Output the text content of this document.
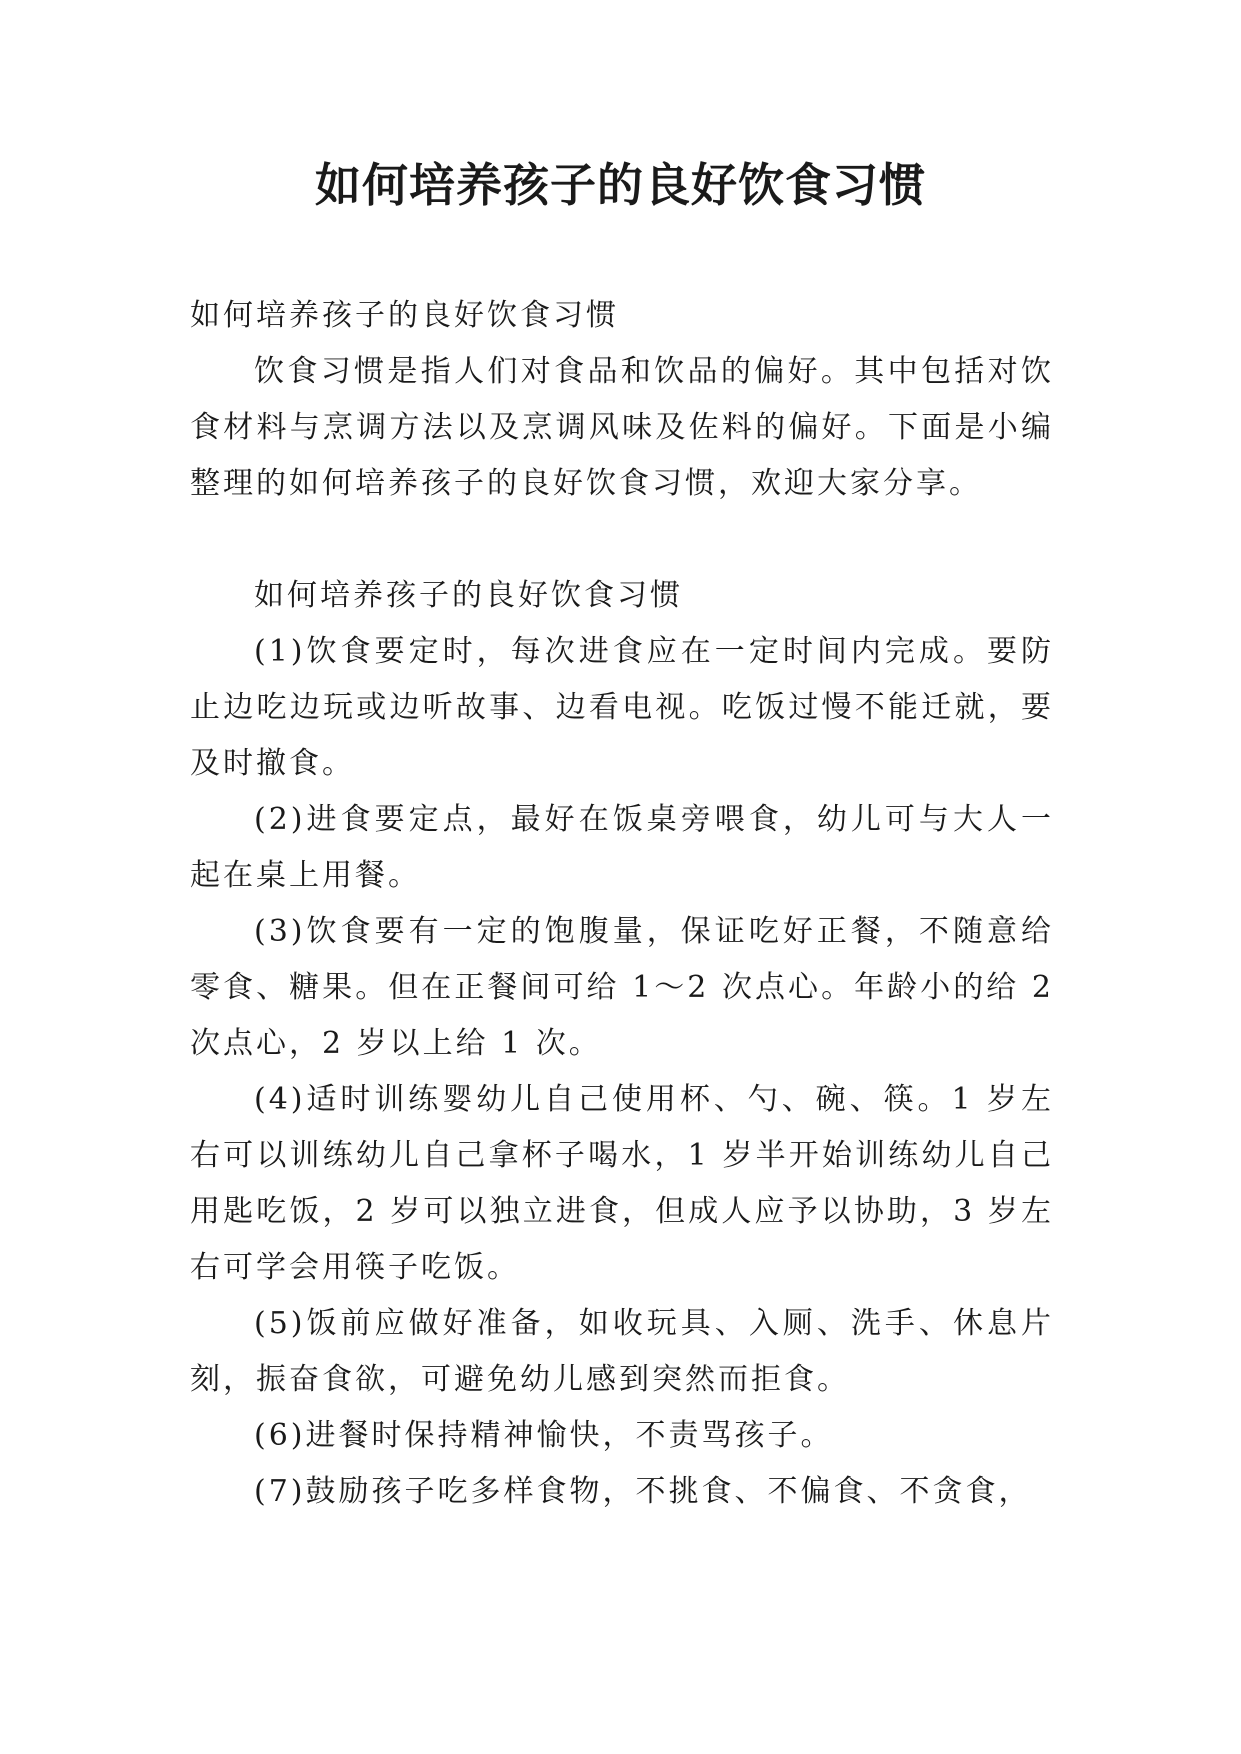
如何培养孩子的良好饮食习惯

如何培养孩子的良好饮食习惯

饮食习惯是指人们对食品和饮品的偏好。其中包括对饮食材料与烹调方法以及烹调风味及佐料的偏好。下面是小编整理的如何培养孩子的良好饮食习惯，欢迎大家分享。

如何培养孩子的良好饮食习惯

(1)饮食要定时，每次进食应在一定时间内完成。要防止边吃边玩或边听故事、边看电视。吃饭过慢不能迁就，要及时撤食。

(2)进食要定点，最好在饭桌旁喂食，幼儿可与大人一起在桌上用餐。

(3)饮食要有一定的饱腹量，保证吃好正餐，不随意给零食、糖果。但在正餐间可给 1～2 次点心。年龄小的给 2 次点心，2 岁以上给 1 次。

(4)适时训练婴幼儿自己使用杯、勺、碗、筷。1 岁左右可以训练幼儿自己拿杯子喝水，1 岁半开始训练幼儿自己用匙吃饭，2 岁可以独立进食，但成人应予以协助，3 岁左右可学会用筷子吃饭。

(5)饭前应做好准备，如收玩具、入厕、洗手、休息片刻，振奋食欲，可避免幼儿感到突然而拒食。

(6)进餐时保持精神愉快，不责骂孩子。

(7)鼓励孩子吃多样食物，不挑食、不偏食、不贪食，
